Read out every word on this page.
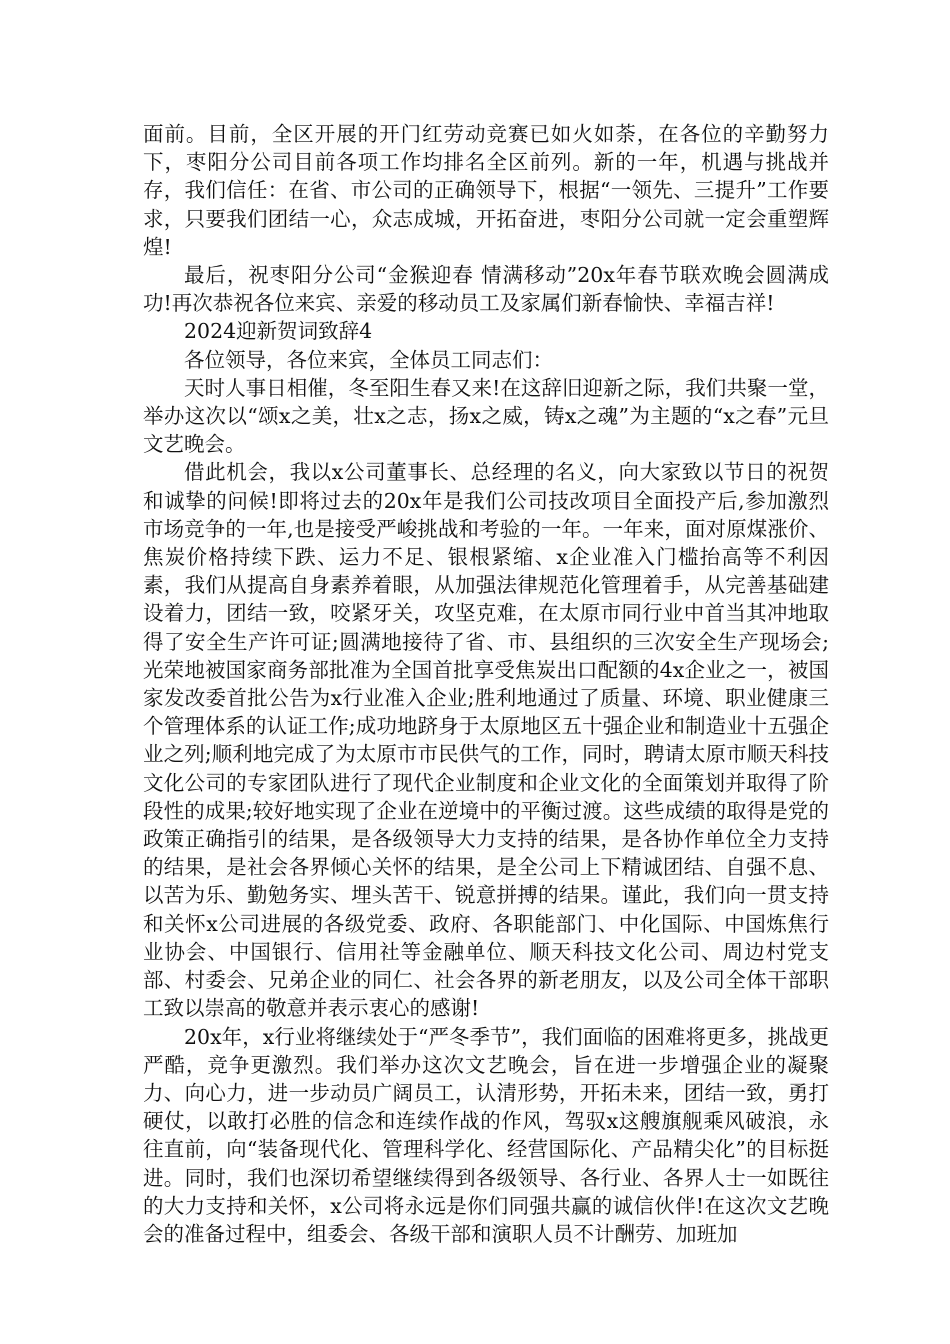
面前。目前，全区开展的开门红劳动竞赛已如火如荼，在各位的辛勤努力下，枣阳分公司目前各项工作均排名全区前列。新的一年，机遇与挑战并存，我们信任：在省、市公司的正确领导下，根据“一领先、三提升”工作要求，只要我们团结一心，众志成城，开拓奋进，枣阳分公司就一定会重塑辉煌!

最后，祝枣阳分公司“金猴迎春 情满移动”20x年春节联欢晚会圆满成功!再次恭祝各位来宾、亲爱的移动员工及家属们新春愉快、幸福吉祥!

2024迎新贺词致辞4

各位领导，各位来宾，全体员工同志们：

天时人事日相催，冬至阳生春又来!在这辞旧迎新之际，我们共聚一堂，举办这次以“颂x之美，壮x之志，扬x之威，铸x之魂”为主题的“x之春”元旦文艺晚会。

借此机会，我以x公司董事长、总经理的名义，向大家致以节日的祝贺和诚挚的问候!即将过去的20x年是我们公司技改项目全面投产后,参加激烈市场竞争的一年,也是接受严峻挑战和考验的一年。一年来，面对原煤涨价、焦炭价格持续下跌、运力不足、银根紧缩、x企业准入门槛抬高等不利因素，我们从提高自身素养着眼，从加强法律规范化管理着手，从完善基础建设着力，团结一致，咬紧牙关，攻坚克难，在太原市同行业中首当其冲地取得了安全生产许可证;圆满地接待了省、市、县组织的三次安全生产现场会;光荣地被国家商务部批准为全国首批享受焦炭出口配额的4x企业之一，被国家发改委首批公告为x行业准入企业;胜利地通过了质量、环境、职业健康三个管理体系的认证工作;成功地跻身于太原地区五十强企业和制造业十五强企业之列;顺利地完成了为太原市市民供气的工作，同时，聘请太原市顺天科技文化公司的专家团队进行了现代企业制度和企业文化的全面策划并取得了阶段性的成果;较好地实现了企业在逆境中的平衡过渡。这些成绩的取得是党的政策正确指引的结果，是各级领导大力支持的结果，是各协作单位全力支持的结果，是社会各界倾心关怀的结果，是全公司上下精诚团结、自强不息、以苦为乐、勤勉务实、埋头苦干、锐意拼搏的结果。谨此，我们向一贯支持和关怀x公司进展的各级党委、政府、各职能部门、中化国际、中国炼焦行业协会、中国银行、信用社等金融单位、顺天科技文化公司、周边村党支部、村委会、兄弟企业的同仁、社会各界的新老朋友，以及公司全体干部职工致以崇高的敬意并表示衷心的感谢!

20x年，x行业将继续处于“严冬季节”，我们面临的困难将更多，挑战更严酷，竞争更激烈。我们举办这次文艺晚会，旨在进一步增强企业的凝聚力、向心力，进一步动员广阔员工，认清形势，开拓未来，团结一致，勇打硬仗，以敢打必胜的信念和连续作战的作风，驾驭x这艘旗舰乘风破浪，永往直前，向“装备现代化、管理科学化、经营国际化、产品精尖化”的目标挺进。同时，我们也深切希望继续得到各级领导、各行业、各界人士一如既往的大力支持和关怀，x公司将永远是你们同强共赢的诚信伙伴!在这次文艺晚会的准备过程中，组委会、各级干部和演职人员不计酬劳、加班加
